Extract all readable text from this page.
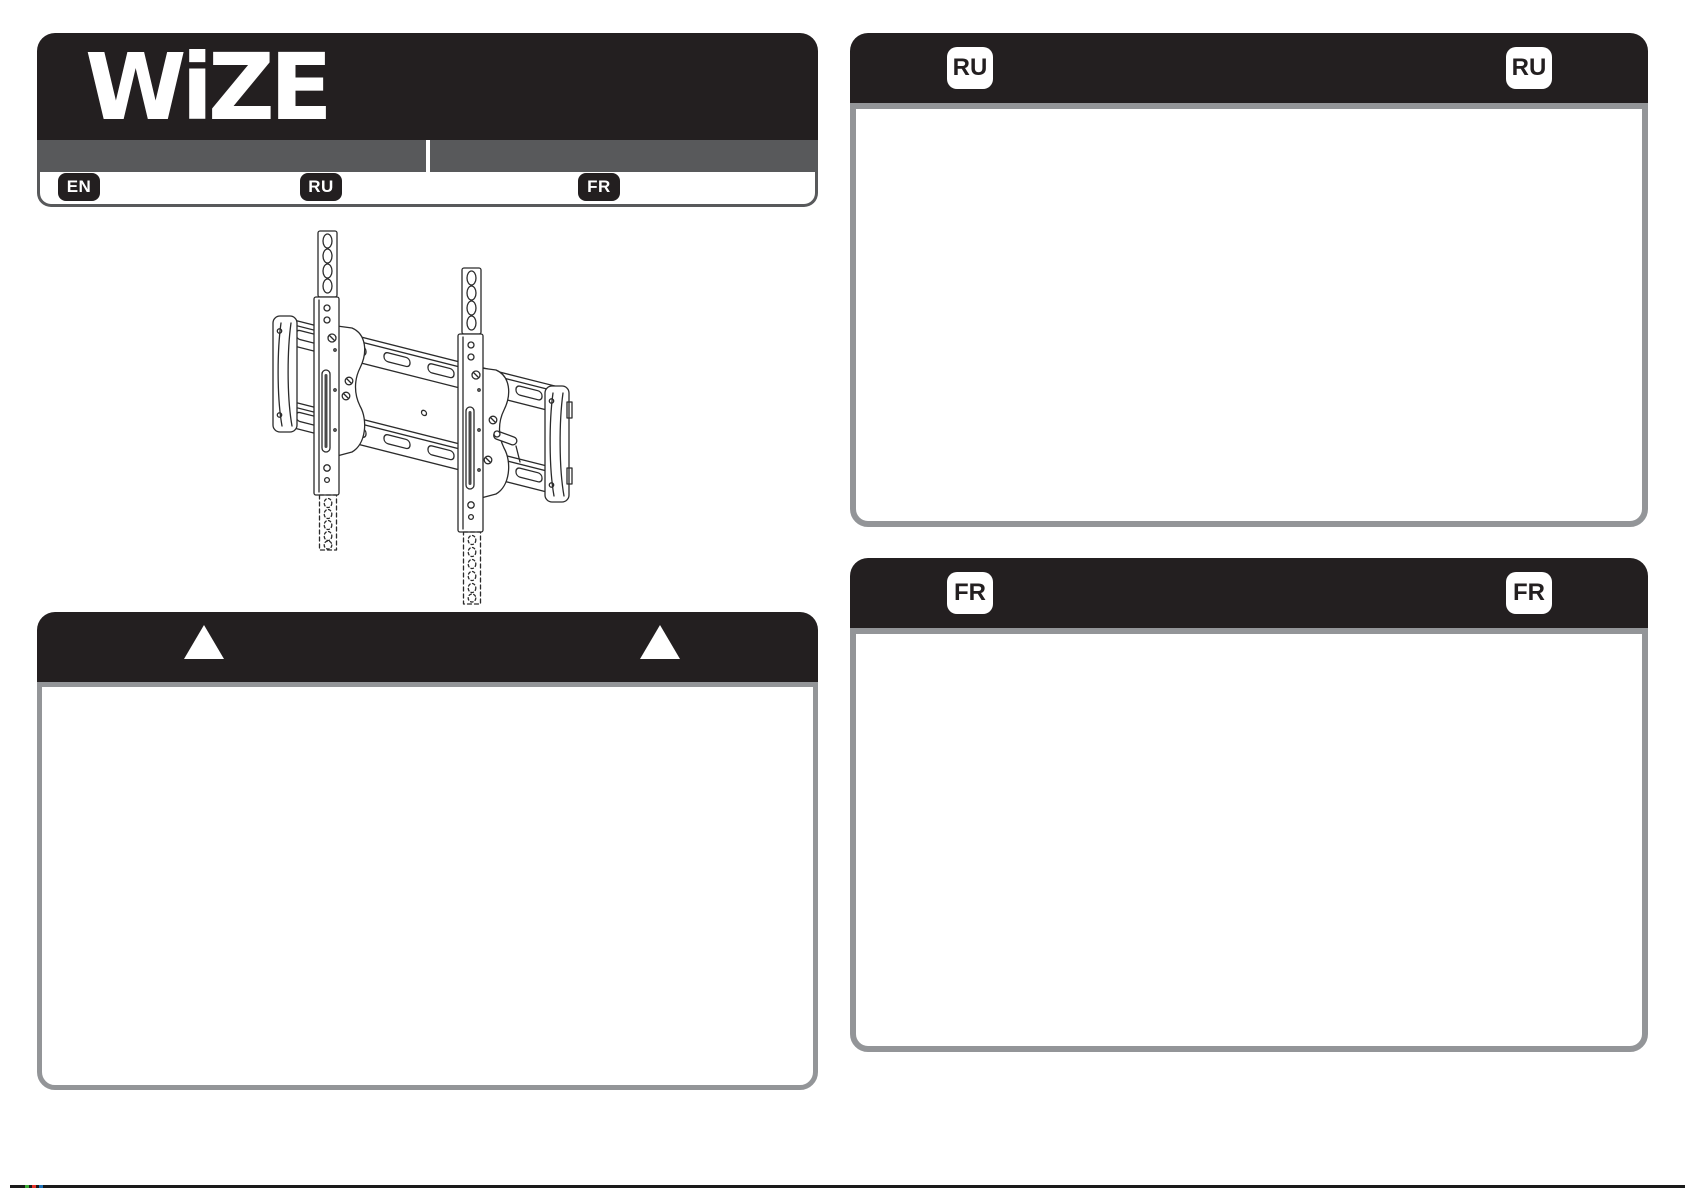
WiZE
EN	RU	FR
RU	RU
FR	FR
